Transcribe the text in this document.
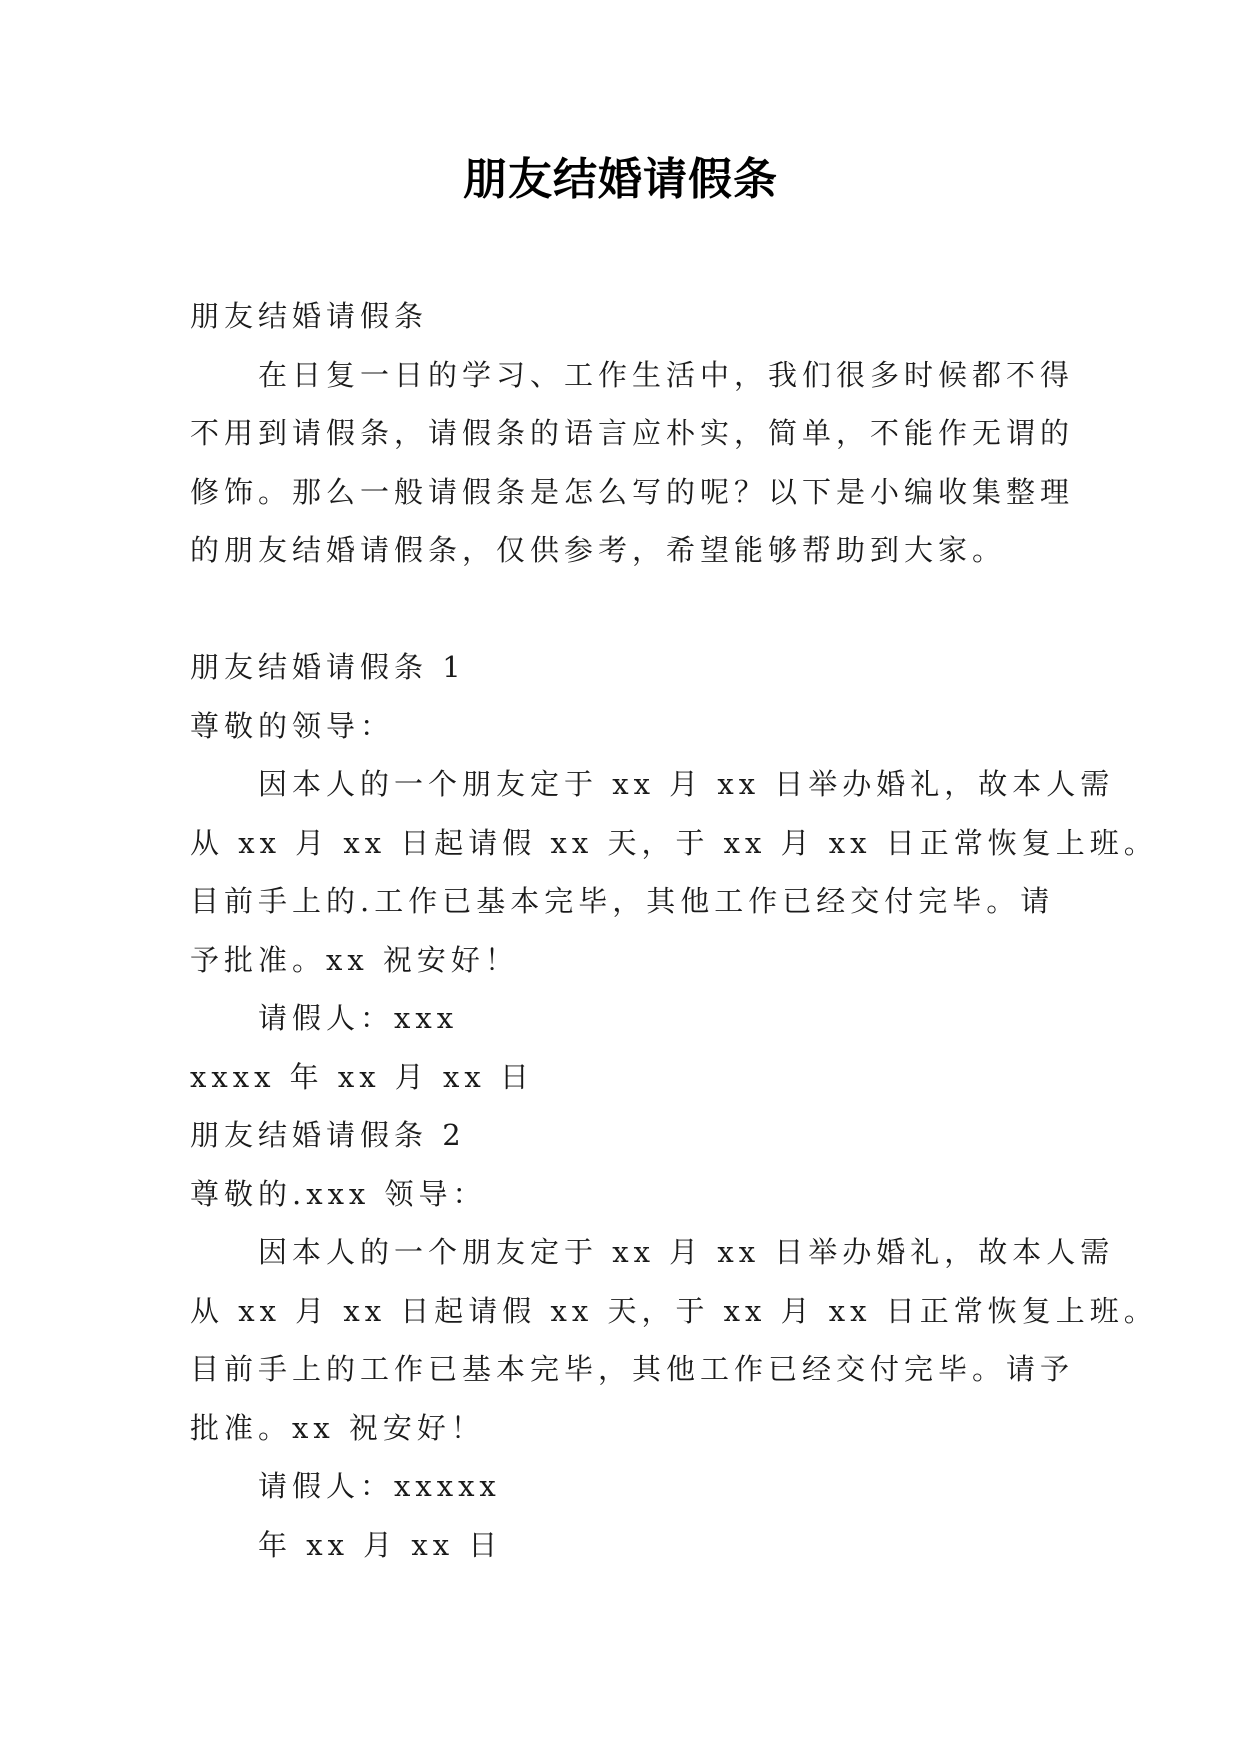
朋友结婚请假条
朋友结婚请假条
在日复一日的学习、工作生活中，我们很多时候都不得
不用到请假条，请假条的语言应朴实，简单，不能作无谓的
修饰。那么一般请假条是怎么写的呢？以下是小编收集整理
的朋友结婚请假条，仅供参考，希望能够帮助到大家。
朋友结婚请假条 1
尊敬的领导：
因本人的一个朋友定于 xx 月 xx 日举办婚礼，故本人需
从 xx 月 xx 日起请假 xx 天，于 xx 月 xx 日正常恢复上班。
目前手上的.工作已基本完毕，其他工作已经交付完毕。请
予批准。xx 祝安好！
请假人：xxx
xxxx 年 xx 月 xx 日
朋友结婚请假条 2
尊敬的.xxx 领导：
因本人的一个朋友定于 xx 月 xx 日举办婚礼，故本人需
从 xx 月 xx 日起请假 xx 天，于 xx 月 xx 日正常恢复上班。
目前手上的工作已基本完毕，其他工作已经交付完毕。请予
批准。xx 祝安好！
请假人：xxxxx
年 xx 月 xx 日
